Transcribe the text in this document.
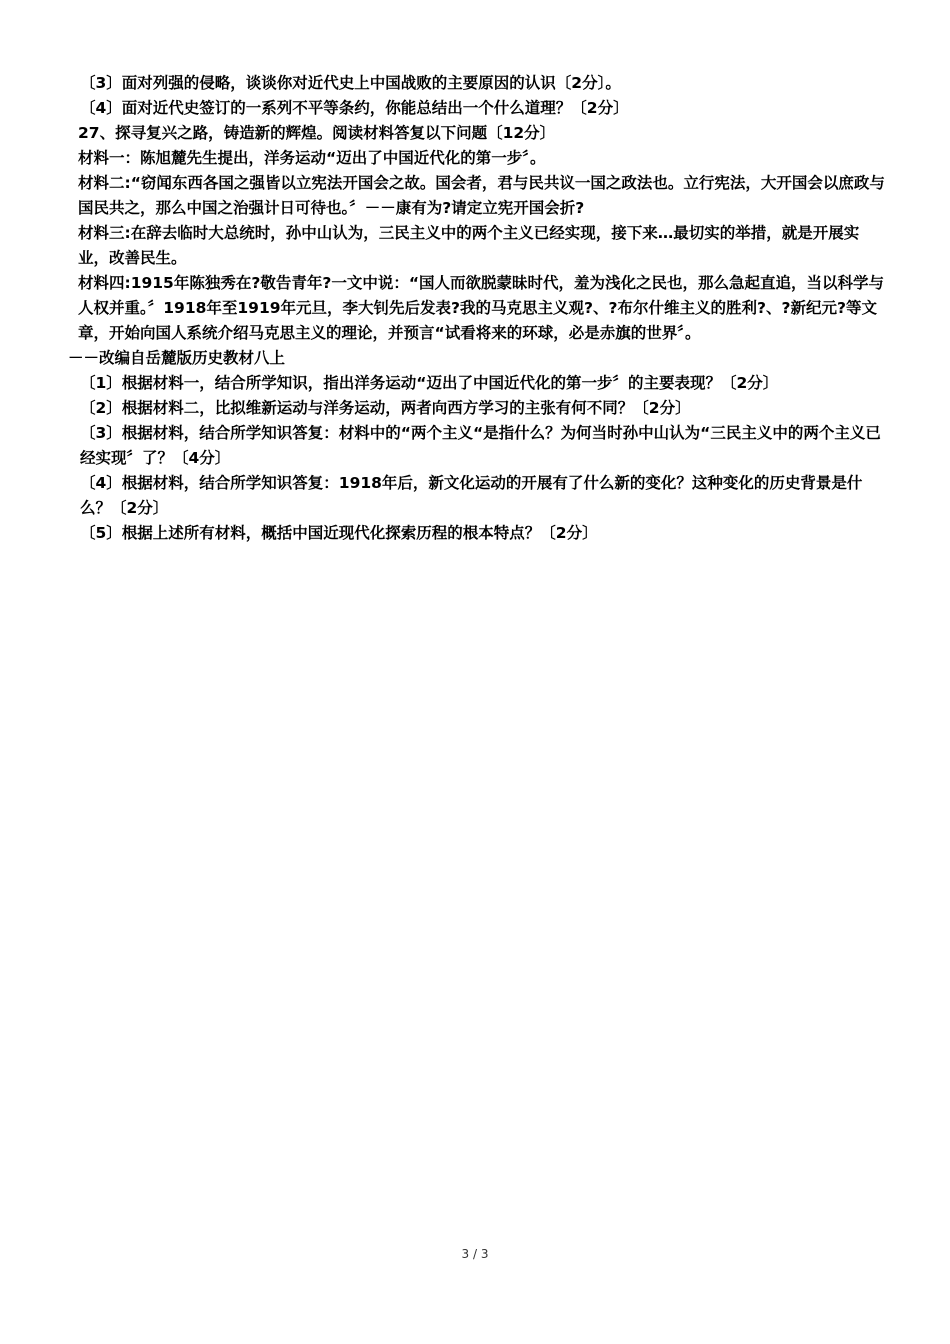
〔3〕面对列强的侵略，谈谈你对近代史上中国战败的主要原因的认识〔2分〕。

〔4〕面对近代史签订的一系列不平等条约，你能总结出一个什么道理？〔2分〕

27、探寻复兴之路，铸造新的辉煌。阅读材料答复以下问题〔12分〕

材料一：陈旭麓先生提出，洋务运动“迈出了中国近代化的第一步〞。

材料二:“窃闻东西各国之强皆以立宪法开国会之故。国会者，君与民共议一国之政法也。立行宪法，大开国会以庶政与国民共之，那么中国之治强计日可待也。〞－－康有为?请定立宪开国会折?

材料三:在辞去临时大总统时，孙中山认为，三民主义中的两个主义已经实现，接下来…最切实的举措，就是开展实业，改善民生。

材料四:1915年陈独秀在?敬告青年?一文中说：“国人而欲脱蒙昧时代，羞为浅化之民也，那么急起直追，当以科学与人权并重。〞1918年至1919年元旦，李大钊先后发表?我的马克思主义观?、?布尔什维主义的胜利?、?新纪元?等文章，开始向国人系统介绍马克思主义的理论，并预言“试看将来的环球，必是赤旗的世界〞。

－－改编自岳麓版历史教材八上

〔1〕根据材料一，结合所学知识，指出洋务运动“迈出了中国近代化的第一步〞的主要表现？〔2分〕

〔2〕根据材料二，比拟维新运动与洋务运动，两者向西方学习的主张有何不同？〔2分〕

〔3〕根据材料，结合所学知识答复：材料中的“两个主义“是指什么？为何当时孙中山认为“三民主义中的两个主义已经实现〞了？〔4分〕

〔4〕根据材料，结合所学知识答复：1918年后，新文化运动的开展有了什么新的变化？这种变化的历史背景是什么？〔2分〕

〔5〕根据上述所有材料，概括中国近现代化探索历程的根本特点？〔2分〕

3 / 3
